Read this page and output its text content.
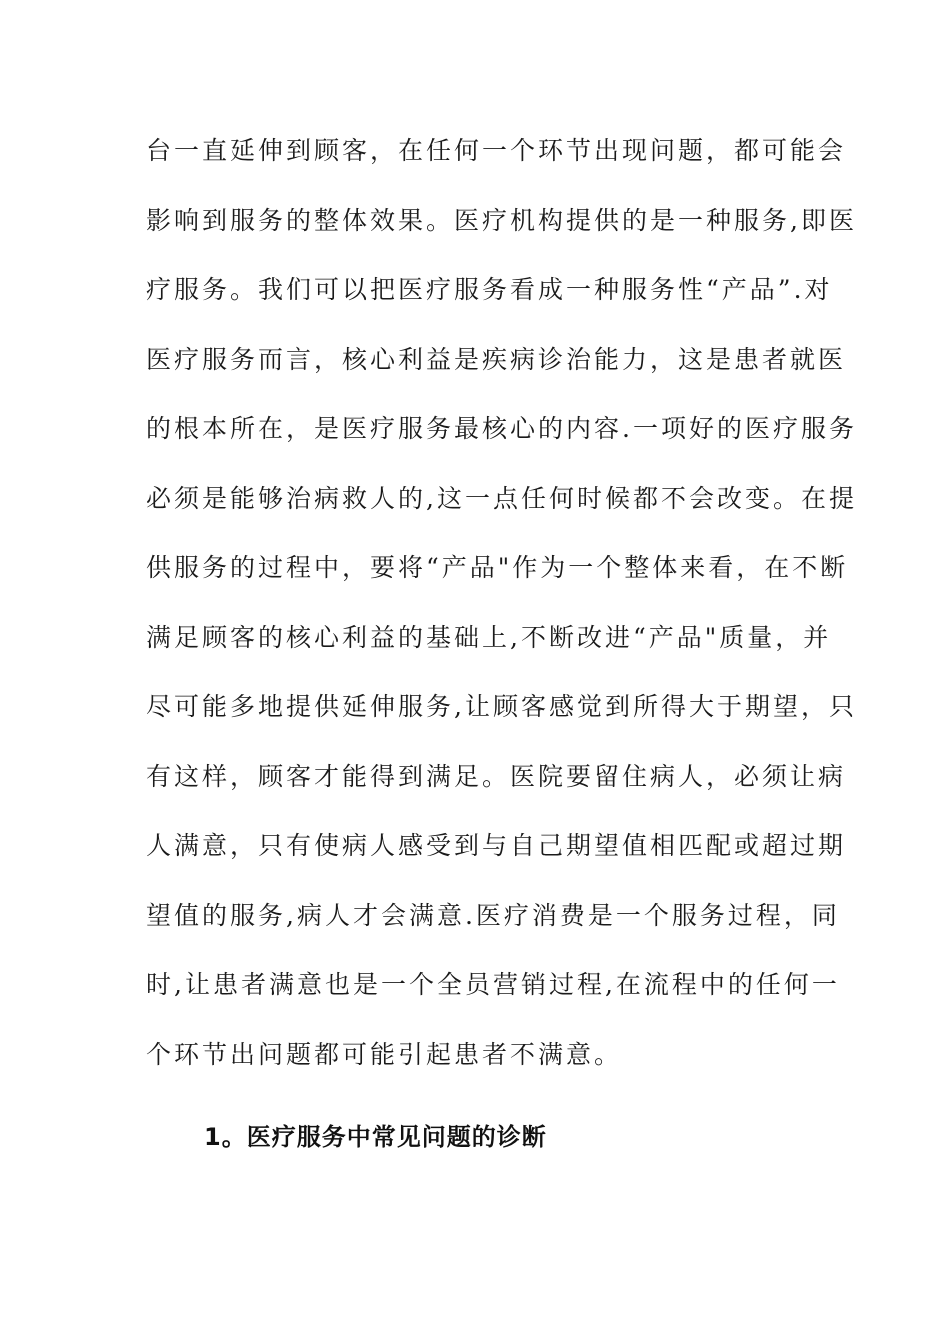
台一直延伸到顾客，在任何一个环节出现问题，都可能会
影响到服务的整体效果。医疗机构提供的是一种服务,即医
疗服务。我们可以把医疗服务看成一种服务性“产品”.对
医疗服务而言，核心利益是疾病诊治能力，这是患者就医
的根本所在，是医疗服务最核心的内容.一项好的医疗服务
必须是能够治病救人的,这一点任何时候都不会改变。在提
供服务的过程中，要将“产品"作为一个整体来看，在不断
满足顾客的核心利益的基础上,不断改进“产品"质量，并
尽可能多地提供延伸服务,让顾客感觉到所得大于期望，只
有这样，顾客才能得到满足。医院要留住病人，必须让病
人满意，只有使病人感受到与自己期望值相匹配或超过期
望值的服务,病人才会满意.医疗消费是一个服务过程，同
时,让患者满意也是一个全员营销过程,在流程中的任何一
个环节出问题都可能引起患者不满意。
1。医疗服务中常见问题的诊断
